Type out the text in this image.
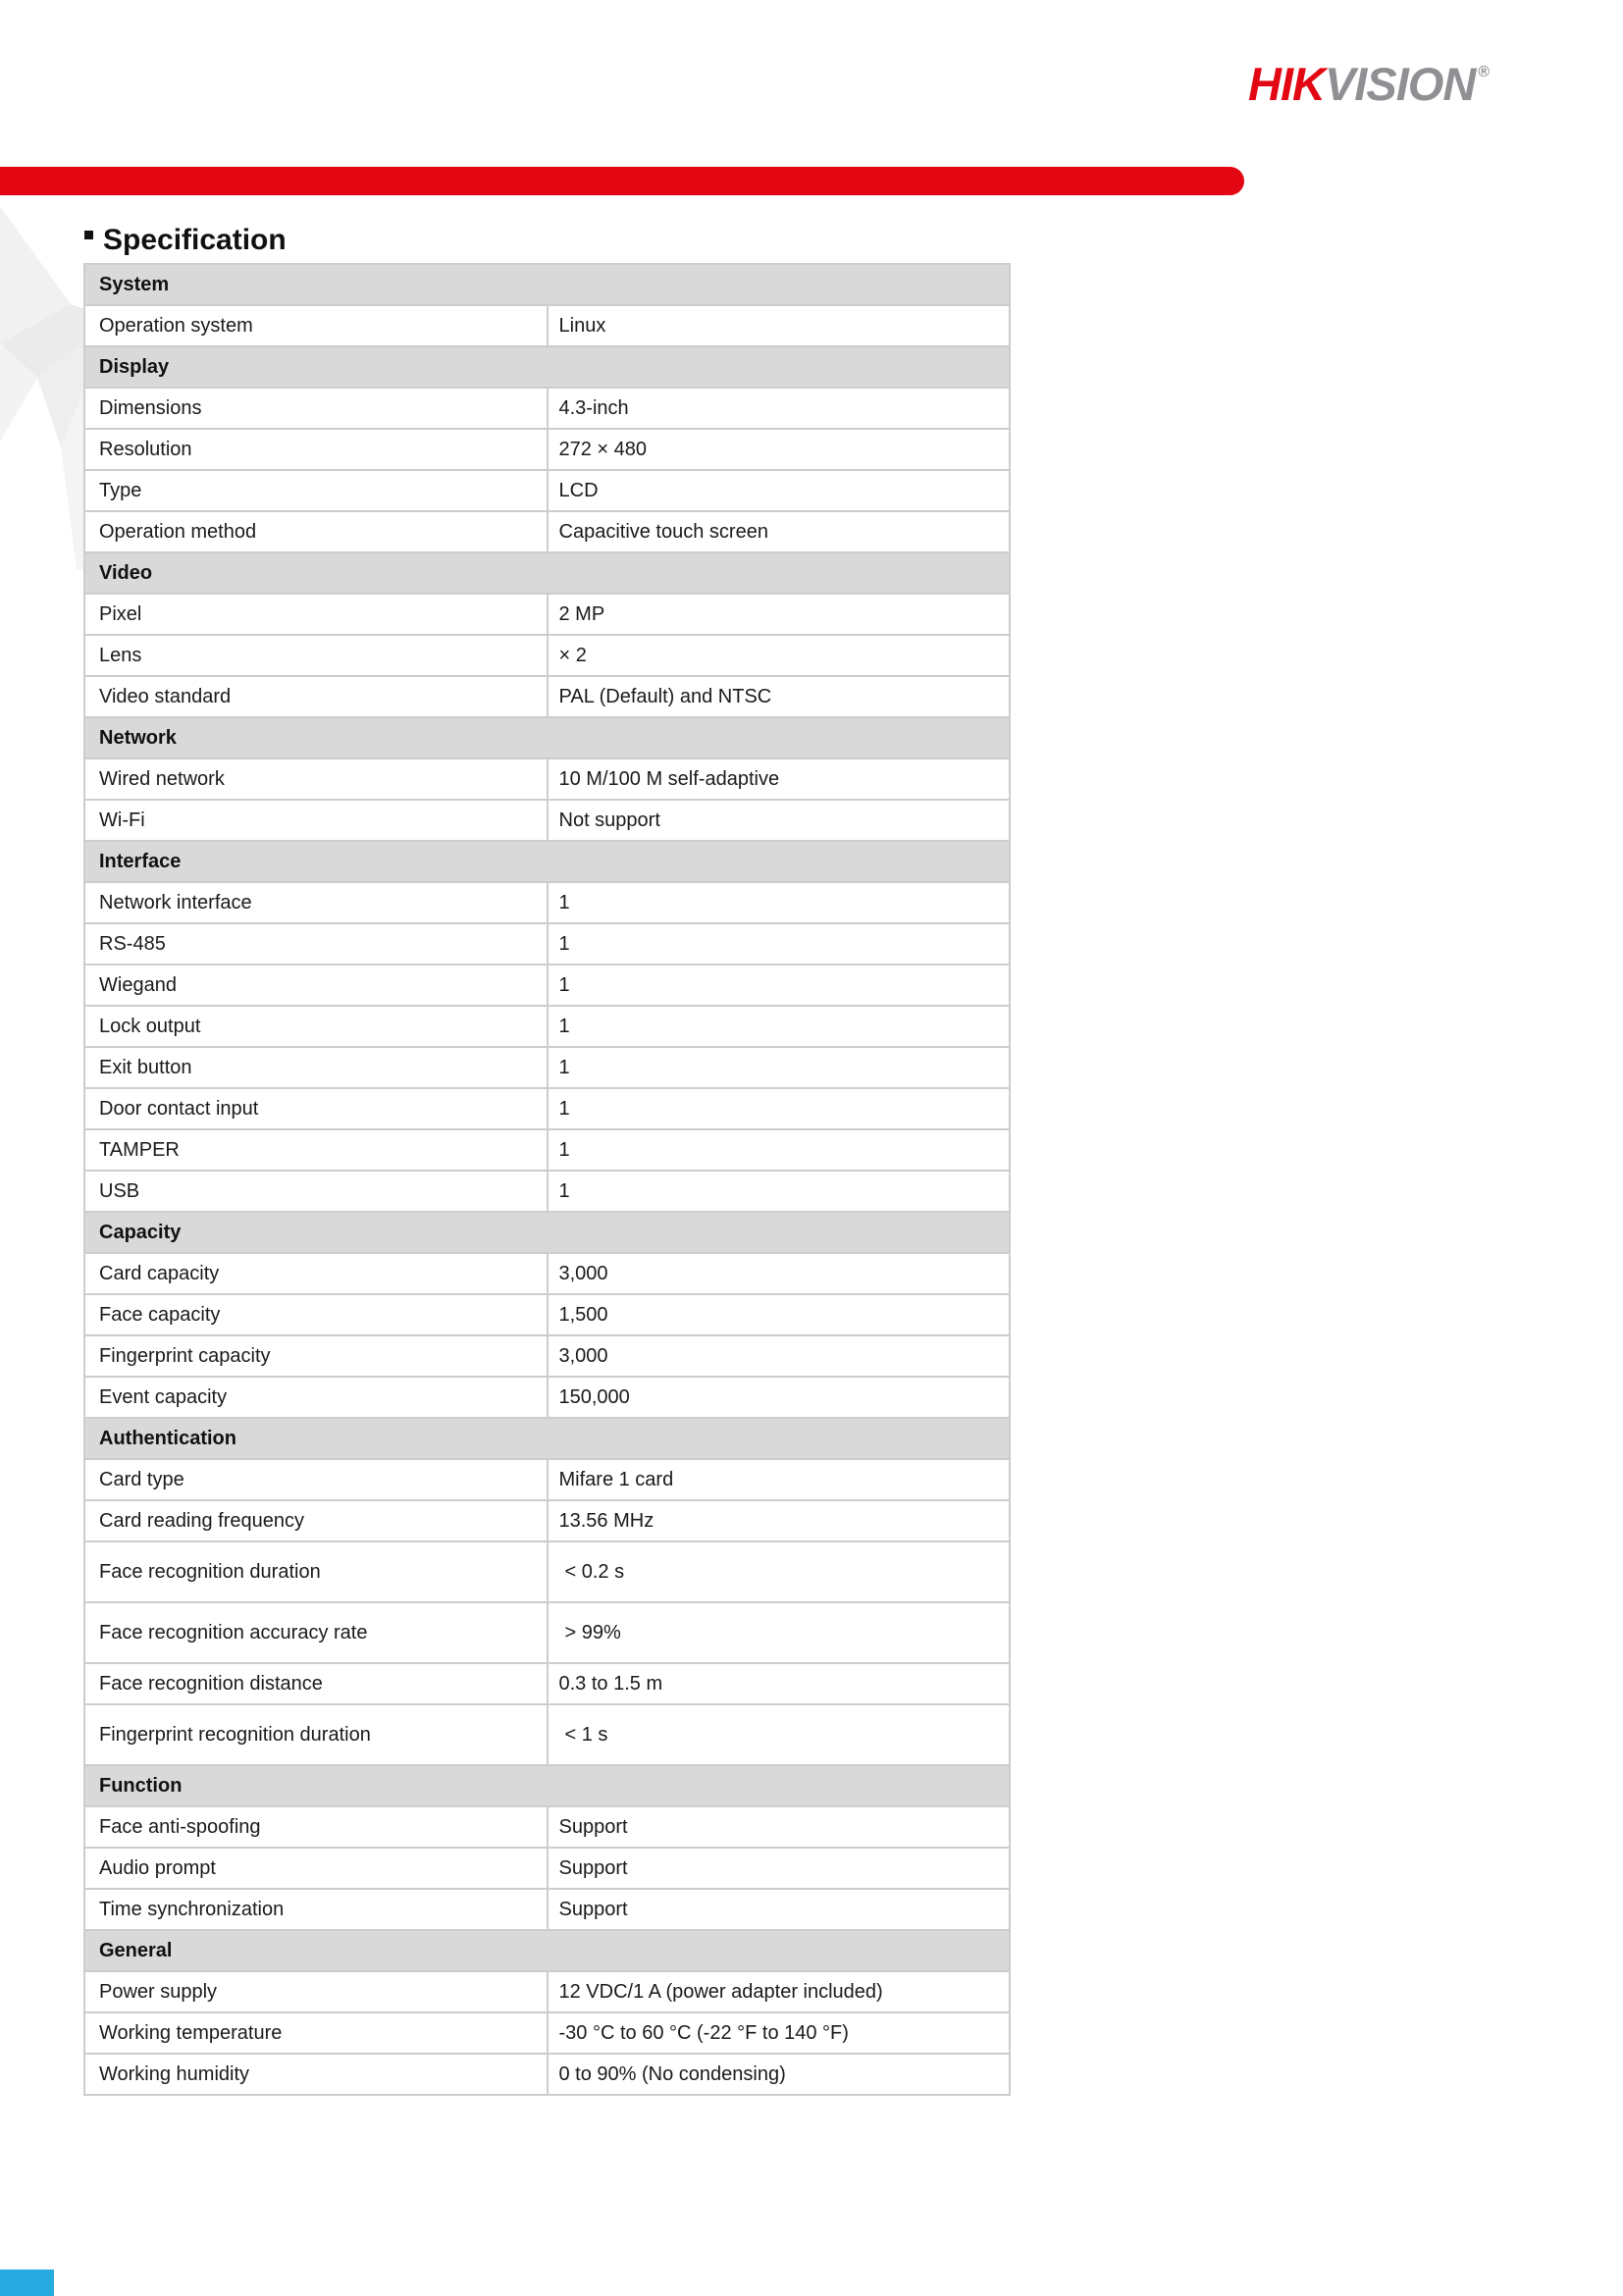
HIKVISION ®
Specification
System	
Operation system	Linux
Display	
Dimensions	4.3-inch
Resolution	272 × 480
Type	LCD
Operation method	Capacitive touch screen
Video	
Pixel	2 MP
Lens	× 2
Video standard	PAL (Default) and NTSC
Network	
Wired network	10 M/100 M self-adaptive
Wi-Fi	Not support
Interface	
Network interface	1
RS-485	1
Wiegand	1
Lock output	1
Exit button	1
Door contact input	1
TAMPER	1
USB	1
Capacity	
Card capacity	3,000
Face capacity	1,500
Fingerprint capacity	3,000
Event capacity	150,000
Authentication	
Card type	Mifare 1 card
Card reading frequency	13.56 MHz
Face recognition duration	< 0.2 s
Face recognition accuracy rate	> 99%
Face recognition distance	0.3 to 1.5 m
Fingerprint recognition duration	< 1 s
Function	
Face anti-spoofing	Support
Audio prompt	Support
Time synchronization	Support
General	
Power supply	12 VDC/1 A (power adapter included)
Working temperature	-30 °C to 60 °C (-22 °F to 140 °F)
Working humidity	0 to 90% (No condensing)
